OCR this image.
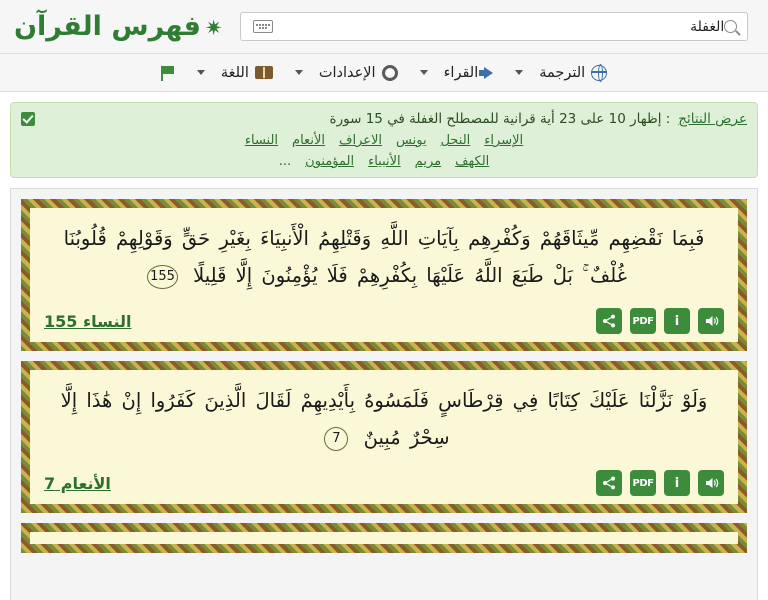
الغفلة
✷
فهرس القرآن
الترجمة
القراء
الإعدادات
اللغة
عرض النتائج
: إظهار 10 على 23 أية قرانية للمصطلح الغفلة في 15 سورة
الإسراء
النحل
يونس
الاعراف
الأنعام
النساء
الكهف
مريم
الأنبياء
المؤمنون
...
فَبِمَا نَقْضِهِم مِّيثَاقَهُمْ وَكُفْرِهِم بِآيَاتِ اللَّهِ وَقَتْلِهِمُ الْأَنبِيَاءَ بِغَيْرِ حَقٍّ وَقَوْلِهِمْ قُلُوبُنَا غُلْفٌ ۚ بَلْ طَبَعَ اللَّهُ عَلَيْهَا بِكُفْرِهِمْ فَلَا يُؤْمِنُونَ إِلَّا قَلِيلًا 155
PDF	i
النساء 155
وَلَوْ نَزَّلْنَا عَلَيْكَ كِتَابًا فِي قِرْطَاسٍ فَلَمَسُوهُ بِأَيْدِيهِمْ لَقَالَ الَّذِينَ كَفَرُوا إِنْ هَٰذَا إِلَّا سِحْرٌ مُبِينٌ 7
PDF	i
الأنعام 7
